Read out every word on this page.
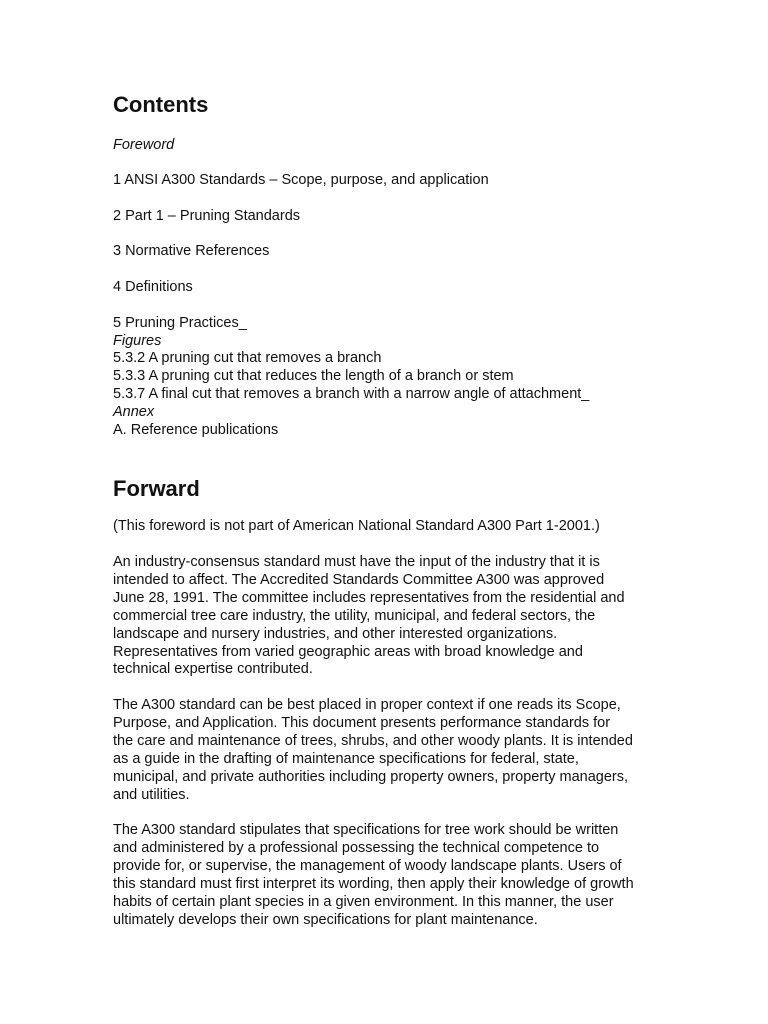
Contents

Foreword

1 ANSI A300 Standards – Scope, purpose, and application

2 Part 1 – Pruning Standards

3 Normative References

4 Definitions

5 Pruning Practices_

Figures

5.3.2 A pruning cut that removes a branch

5.3.3 A pruning cut that reduces the length of a branch or stem

5.3.7 A final cut that removes a branch with a narrow angle of attachment_

Annex

A. Reference publications

Forward

(This foreword is not part of American National Standard A300 Part 1-2001.)

An industry-consensus standard must have the input of the industry that it is
intended to affect. The Accredited Standards Committee A300 was approved
June 28, 1991. The committee includes representatives from the residential and
commercial tree care industry, the utility, municipal, and federal sectors, the
landscape and nursery industries, and other interested organizations.
Representatives from varied geographic areas with broad knowledge and
technical expertise contributed.
The A300 standard can be best placed in proper context if one reads its Scope,
Purpose, and Application. This document presents performance standards for
the care and maintenance of trees, shrubs, and other woody plants. It is intended
as a guide in the drafting of maintenance specifications for federal, state,
municipal, and private authorities including property owners, property managers,
and utilities.
The A300 standard stipulates that specifications for tree work should be written
and administered by a professional possessing the technical competence to
provide for, or supervise, the management of woody landscape plants. Users of
this standard must first interpret its wording, then apply their knowledge of growth
habits of certain plant species in a given environment. In this manner, the user
ultimately develops their own specifications for plant maintenance.
